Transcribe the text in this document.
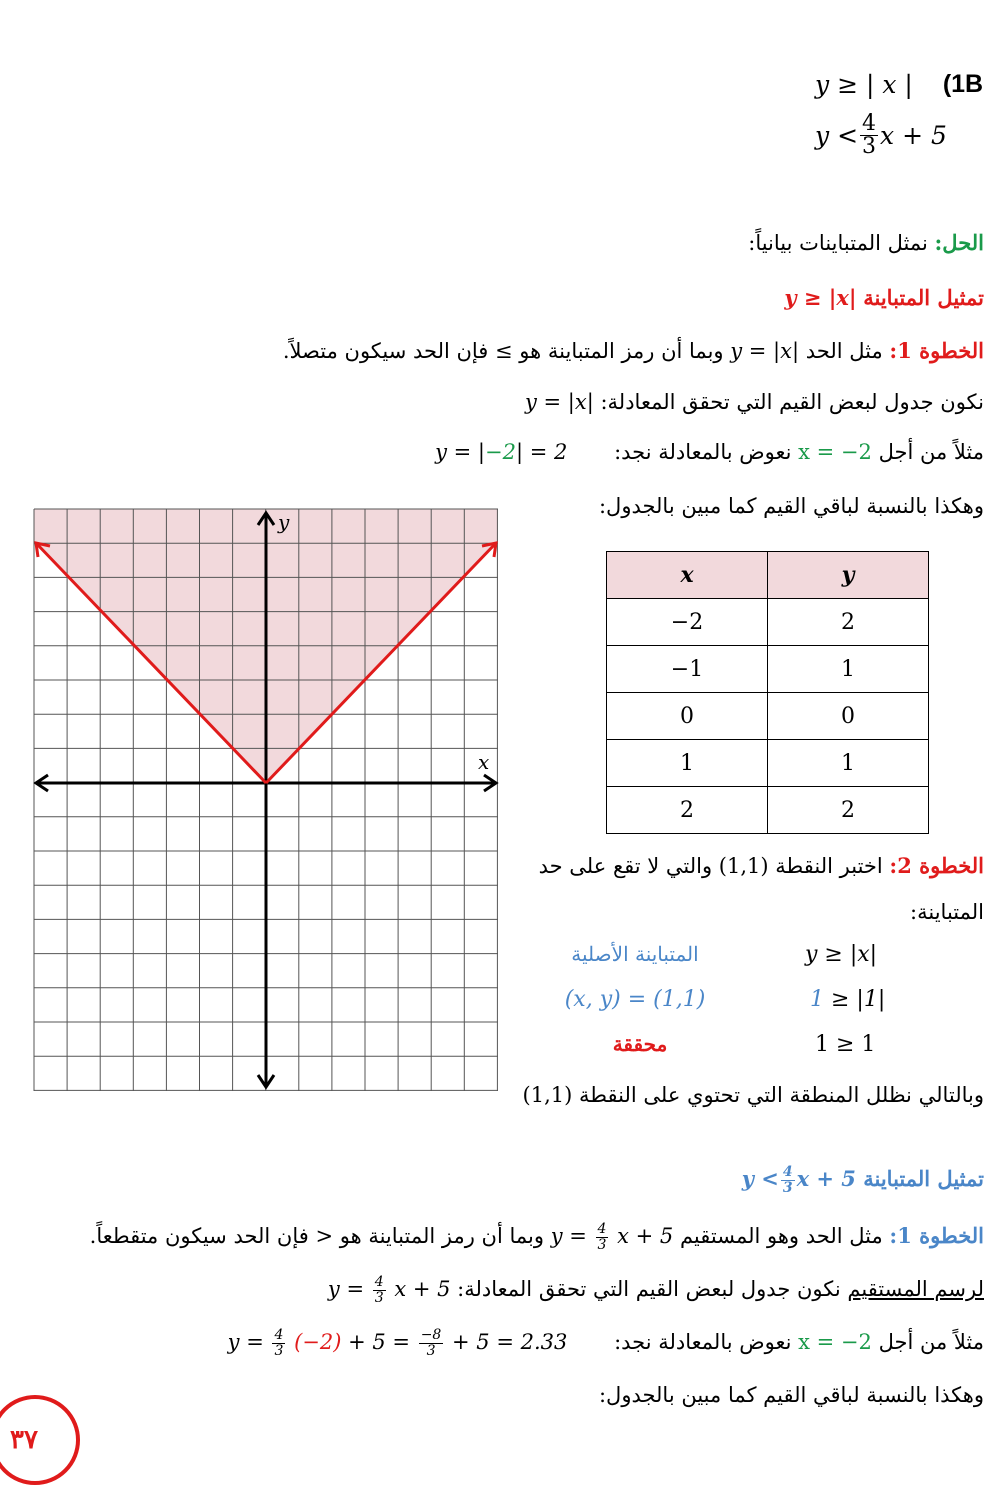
y ≥ | x | (1B
$y < \frac{4}{3}$ x + 5
الحل: نمثل المتباينات بيانياً:
تمثيل المتباينة y ≥ |x|
الخطوة 1: مثل الحد y = |x| وبما أن رمز المتباينة هو ≥ فإن الحد سيكون متصلاً.
نكون جدول لبعض القيم التي تحقق المعادلة: y = |x|
مثلاً من أجل x = −2 نعوض بالمعادلة نجد: y = |−2| = 2
وهكذا بالنسبة لباقي القيم كما مبين بالجدول:
y
x
x	y
−2	2
−1	1
0	0
1	1
2	2
الخطوة 2: اختبر النقطة (1,1) والتي لا تقع على حد
المتباينة:
y ≥ |x|
المتباينة الأصلية
1 ≥ |1|
(x, y) = (1,1)
1 ≥ 1
محققة
وبالتالي نظلل المنطقة التي تحتوي على النقطة (1,1)
تمثيل المتباينة $y < \frac{4}{3}$ x + 5
الخطوة 1: مثل الحد وهو المستقيم $y = \frac{4}{3}$ x + 5 وبما أن رمز المتباينة هو < فإن الحد سيكون متقطعاً.
لرسم المستقيم نكون جدول لبعض القيم التي تحقق المعادلة: $y = \frac{4}{3}$ x + 5
مثلاً من أجل x = −2 نعوض بالمعادلة نجد: $y = \frac{4}{3} (-2) + 5 = \frac{-8}{3} + 5 = 2.33$
وهكذا بالنسبة لباقي القيم كما مبين بالجدول:
٣٧
